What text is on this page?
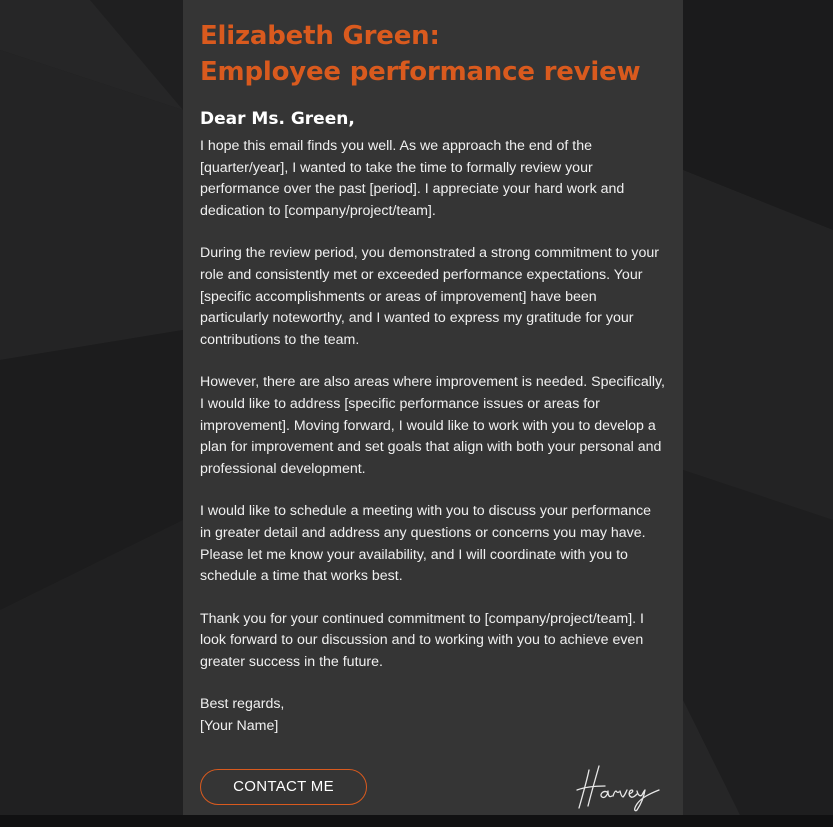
Elizabeth Green:
Employee performance review

Dear Ms. Green,

I hope this email finds you well. As we approach the end of the [quarter/year], I wanted to take the time to formally review your performance over the past [period]. I appreciate your hard work and dedication to [company/project/team].

During the review period, you demonstrated a strong commitment to your role and consistently met or exceeded performance expectations. Your [specific accomplishments or areas of improvement] have been particularly noteworthy, and I wanted to express my gratitude for your contributions to the team.

However, there are also areas where improvement is needed. Specifically, I would like to address [specific performance issues or areas for improvement]. Moving forward, I would like to work with you to develop a plan for improvement and set goals that align with both your personal and professional development.

I would like to schedule a meeting with you to discuss your performance in greater detail and address any questions or concerns you may have. Please let me know your availability, and I will coordinate with you to schedule a time that works best.

Thank you for your continued commitment to [company/project/team]. I look forward to our discussion and to working with you to achieve even greater success in the future.

Best regards,
[Your Name]

CONTACT ME
